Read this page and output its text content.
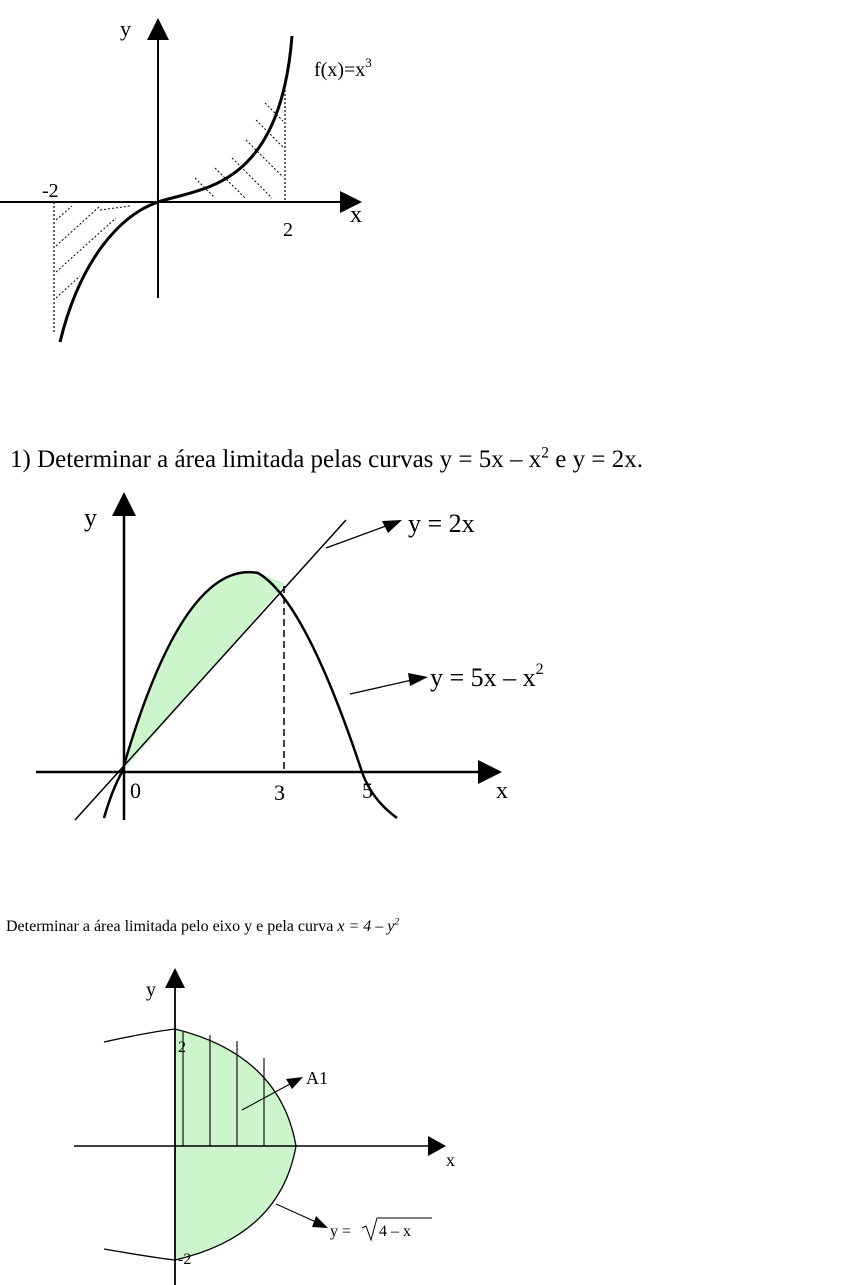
y
x
$f(x)=x^3$
-2
2
1) Determinar a área limitada pelas curvas $y = 5x - x^2$ e y = 2x.
y
x
y = 2x
$y = 5x - x^2$
0	3	5
Determinar a área limitada pelo eixo y e pela curva $x = 4 - y^2$
y
x
2
-2
A1
y = 4 – x
